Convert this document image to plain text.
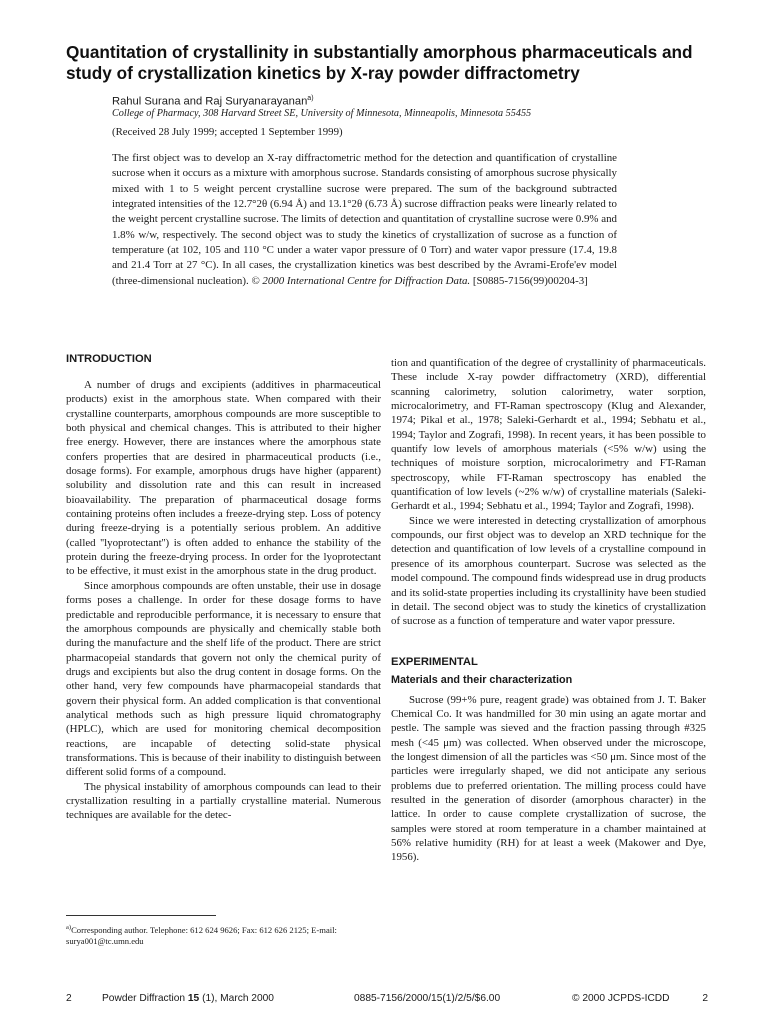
Quantitation of crystallinity in substantially amorphous pharmaceuticals and study of crystallization kinetics by X-ray powder diffractometry
Rahul Surana and Raj Suryanarayanan$^{a)}$
College of Pharmacy, 308 Harvard Street SE, University of Minnesota, Minneapolis, Minnesota 55455
(Received 28 July 1999; accepted 1 September 1999)
The first object was to develop an X-ray diffractometric method for the detection and quantification of crystalline sucrose when it occurs as a mixture with amorphous sucrose. Standards consisting of amorphous sucrose physically mixed with 1 to 5 weight percent crystalline sucrose were prepared. The sum of the background subtracted integrated intensities of the 12.7°2θ (6.94 Å) and 13.1°2θ (6.73 Å) sucrose diffraction peaks were linearly related to the weight percent crystalline sucrose. The limits of detection and quantitation of crystalline sucrose were 0.9% and 1.8% w/w, respectively. The second object was to study the kinetics of crystallization of sucrose as a function of temperature (at 102, 105 and 110 °C under a water vapor pressure of 0 Torr) and water vapor pressure (17.4, 19.8 and 21.4 Torr at 27 °C). In all cases, the crystallization kinetics was best described by the Avrami-Erofe'ev model (three-dimensional nucleation). © 2000 International Centre for Diffraction Data. [S0885-7156(99)00204-3]
INTRODUCTION

A number of drugs and excipients (additives in pharmaceutical products) exist in the amorphous state. When compared with their crystalline counterparts, amorphous compounds are more susceptible to both physical and chemical changes. This is attributed to their higher free energy. However, there are instances where the amorphous state confers properties that are desired in pharmaceutical products (i.e., dosage forms). For example, amorphous drugs have higher (apparent) solubility and dissolution rate and this can result in increased bioavailability. The preparation of pharmaceutical dosage forms containing proteins often includes a freeze-drying step. Loss of potency during freeze-drying is a potentially serious problem. An additive (called ''lyoprotectant'') is often added to enhance the stability of the protein during the freeze-drying process. In order for the lyoprotectant to be effective, it must exist in the amorphous state in the drug product.

Since amorphous compounds are often unstable, their use in dosage forms poses a challenge. In order for these dosage forms to have predictable and reproducible performance, it is necessary to ensure that the amorphous compounds are physically and chemically stable both during the manufacture and the shelf life of the product. There are strict pharmacopeial standards that govern not only the chemical purity of drugs and excipients but also the drug content in dosage forms. On the other hand, very few compounds have pharmacopeial standards that govern their physical form. An added complication is that conventional analytical methods such as high pressure liquid chromatography (HPLC), which are used for monitoring chemical decomposition reactions, are incapable of detecting solid-state physical transformations. This is because of their inability to distinguish between different solid forms of a compound.

The physical instability of amorphous compounds can lead to their crystallization resulting in a partially crystalline material. Numerous techniques are available for the detec-

tion and quantification of the degree of crystallinity of pharmaceuticals. These include X-ray powder diffractometry (XRD), differential scanning calorimetry, solution calorimetry, water sorption, microcalorimetry, and FT-Raman spectroscopy (Klug and Alexander, 1974; Pikal et al., 1978; Saleki-Gerhardt et al., 1994; Sebhatu et al., 1994; Taylor and Zografi, 1998). In recent years, it has been possible to quantify low levels of amorphous materials (<5% w/w) using the techniques of moisture sorption, microcalorimetry and FT-Raman spectroscopy, while FT-Raman spectroscopy has enabled the quantification of low levels (~2% w/w) of crystalline materials (Saleki-Gerhardt et al., 1994; Sebhatu et al., 1994; Taylor and Zografi, 1998).

Since we were interested in detecting crystallization of amorphous compounds, our first object was to develop an XRD technique for the detection and quantification of low levels of a crystalline compound in presence of its amorphous counterpart. Sucrose was selected as the model compound. The compound finds widespread use in drug products and its solid-state properties including its crystallinity have been studied in detail. The second object was to study the kinetics of crystallization of sucrose as a function of temperature and water vapor pressure.

EXPERIMENTAL
Materials and their characterization

Sucrose (99+% pure, reagent grade) was obtained from J. T. Baker Chemical Co. It was handmilled for 30 min using an agate mortar and pestle. The sample was sieved and the fraction passing through #325 mesh (<45 μm) was collected. When observed under the microscope, the longest dimension of all the particles was <50 μm. Since most of the particles were irregularly shaped, we did not anticipate any serious problems due to preferred orientation. The milling process could have resulted in the generation of disorder (amorphous character) in the lattice. In order to cause complete crystallization of sucrose, the samples were stored at room temperature in a chamber maintained at 56% relative humidity (RH) for at least a week (Makower and Dye, 1956).

$^{a)}$Corresponding author. Telephone: 612 624 9626; Fax: 612 626 2125; E-mail: surya001@tc.umn.edu
2	Powder Diffraction 15 (1), March 2000	0885-7156/2000/15(1)/2/5/$6.00	© 2000 JCPDS-ICDD	2
